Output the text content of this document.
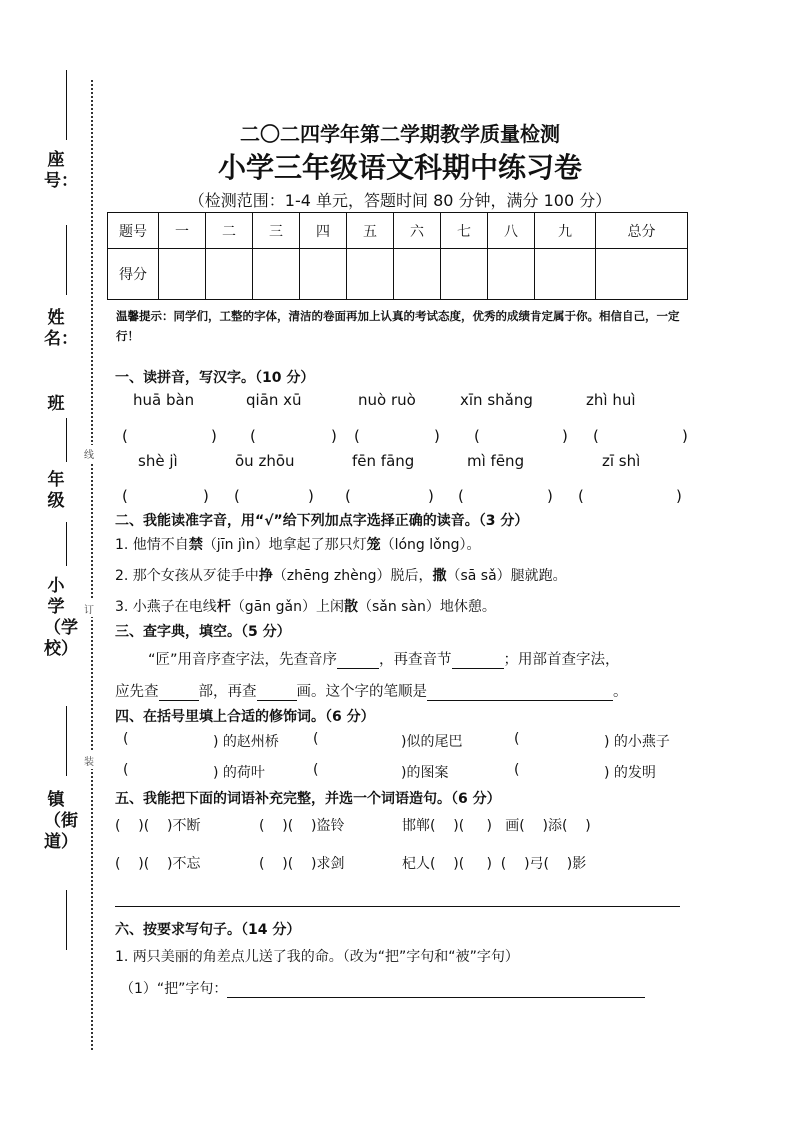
座号：
姓名：
班
年级
小学（学校）
镇（街道）
线
订
装
二〇二四学年第二学期教学质量检测
小学三年级语文科期中练习卷
（检测范围：1-4 单元，答题时间 80 分钟，满分 100 分）
题号	一	二	三	四	五	六	七	八	九	总分
得分										
温馨提示：同学们，工整的字体，清洁的卷面再加上认真的考试态度，优秀的成绩肯定属于你。相信自己，一定行！
一、读拼音，写汉字。（10 分）
huā bàn	qiān xū	nuò ruò	xīn shǎng	zhì huì
(	) (	) (	) (	) (	)
shè jì	ōu zhōu	fēn fāng	mì fēng	zī shì
(	) (	) (	) (	) (	)
二、我能读准字音，用“√”给下列加点字选择正确的读音。（3 分）
1. 他情不自禁（jīn jìn）地拿起了那只灯笼（lóng lǒng）。
2. 那个女孩从歹徒手中挣（zhēng zhèng）脱后，撒（sā sǎ）腿就跑。
3. 小燕子在电线杆（gān gǎn）上闲散（sǎn sàn）地休憩。
三、查字典，填空。（5 分）
“匠”用音序查字法，先查音序	，再查音节	；用部首查字法，
应先查	部，再查	画。这个字的笔顺是	。
四、在括号里填上合适的修饰词。（6 分）
(	) 的赵州桥 (	)似的尾巴	(	) 的小燕子
(	) 的荷叶	(	)的图案	(	) 的发明
五、我能把下面的词语补充完整，并选一个词语造句。（6 分）
(    )(    )不断	(    )(    )盗铃	邯郸(    )(     )   画(    )添(    )
(    )(    )不忘	(    )(    )求剑	杞人(    )(     )  (    )弓(    )影
六、按要求写句子。（14 分）
1. 两只美丽的角差点儿送了我的命。（改为“把”字句和“被”字句）
（1）“把”字句：
